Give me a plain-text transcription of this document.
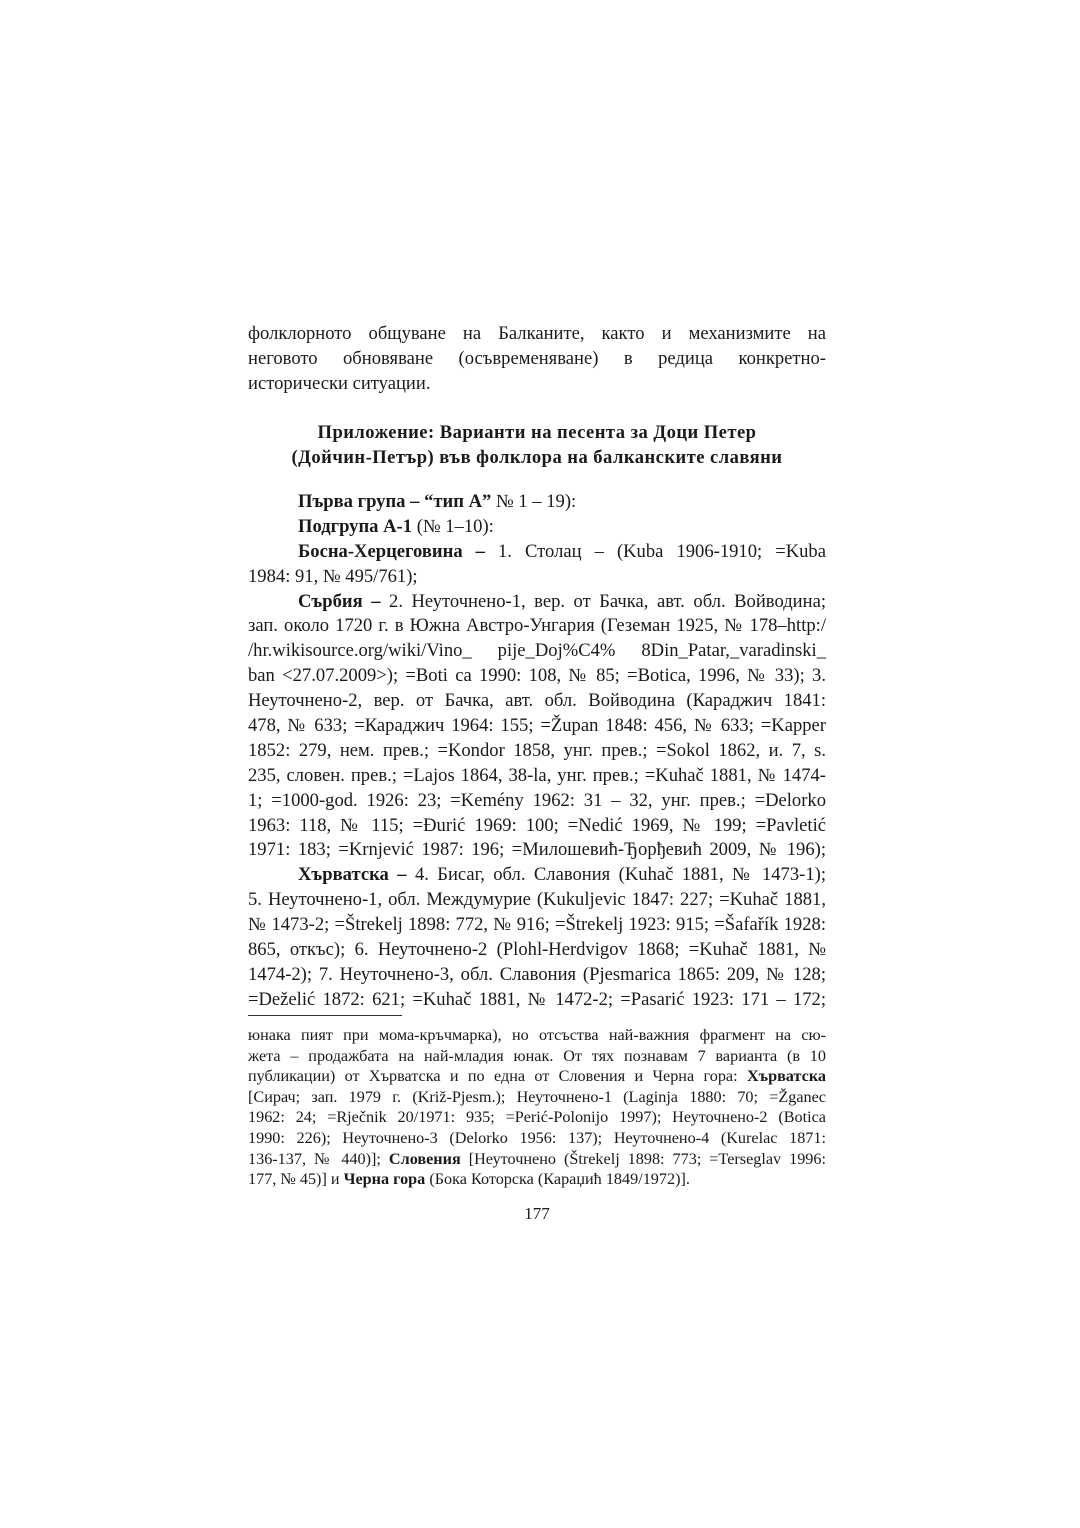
фолклорното общуване на Балканите, както и механизмите на
неговото обновяване (осъвременяване) в редица конкретно-
исторически ситуации.
Приложение: Варианти на песента за Доци Петер
(Дойчин-Петър) във фолклора на балканските славяни
Първа група – “тип А” № 1 – 19):
Подгрупа А-1 (№ 1–10):
Босна-Херцеговина – 1. Столац – (Kuba 1906-1910; =Kuba
1984: 91, № 495/761);
Сърбия – 2. Неуточнено-1, вер. от Бачка, авт. обл. Войводина;
зап. около 1720 г. в Южна Австро-Унгария (Геземан 1925, № 178–http:/
/hr.wikisource.org/wiki/Vino_ pije_Doj%C4% 8Din_Patar,_varadinski_
ban <27.07.2009>); =Boti ca 1990: 108, № 85; =Botica, 1996, № 33); 3.
Неуточнено-2, вер. от Бачка, авт. обл. Войводина (Караджич 1841:
478, № 633; =Караджич 1964: 155; =Župan 1848: 456, № 633; =Kapper
1852: 279, нем. прев.; =Kondor 1858, унг. прев.; =Sokol 1862, и. 7, s.
235, словен. прев.; =Lajos 1864, 38-la, унг. прев.; =Kuhač 1881, № 1474-
1; =1000-god. 1926: 23; =Kemény 1962: 31 – 32, унг. прев.; =Delorko
1963: 118, № 115; =Đurić 1969: 100; =Nedić 1969, № 199; =Pavletić
1971: 183; =Krnjević 1987: 196; =Милошевић-Ђорђевић 2009, № 196);
Хърватска – 4. Бисаг, обл. Славония (Kuhač 1881, № 1473-1);
5. Неуточнено-1, обл. Междумурие (Kukuljevic 1847: 227; =Kuhač 1881,
№ 1473-2; =Štrekelj 1898: 772, № 916; =Štrekelj 1923: 915; =Šafařík 1928:
865, откъс); 6. Неуточнено-2 (Plohl-Herdvigov 1868; =Kuhač 1881, №
1474-2); 7. Неуточнено-3, обл. Славония (Pjesmarica 1865: 209, № 128;
=Deželić 1872: 621; =Kuhač 1881, № 1472-2; =Pasarić 1923: 171 – 172;
юнака пият при мома-кръчмарка), но отсъства най-важния фрагмент на сю-
жета – продажбата на най-младия юнак. От тях познавам 7 варианта (в 10
публикации) от Хърватска и по една от Словения и Черна гора: Хърватска
[Сирач; зап. 1979 г. (Križ-Pjesm.); Неуточнено-1 (Laginja 1880: 70; =Žganec
1962: 24; =Rječnik 20/1971: 935; =Perić-Polonijo 1997); Неуточнено-2 (Botica
1990: 226); Неуточнено-3 (Delorko 1956: 137); Неуточнено-4 (Kurelac 1871:
136-137, № 440)]; Словения [Неуточнено (Štrekelj 1898: 773; =Terseglav 1996:
177, № 45)] и Черна гора (Бока Которска (Караџић 1849/1972)].
177
